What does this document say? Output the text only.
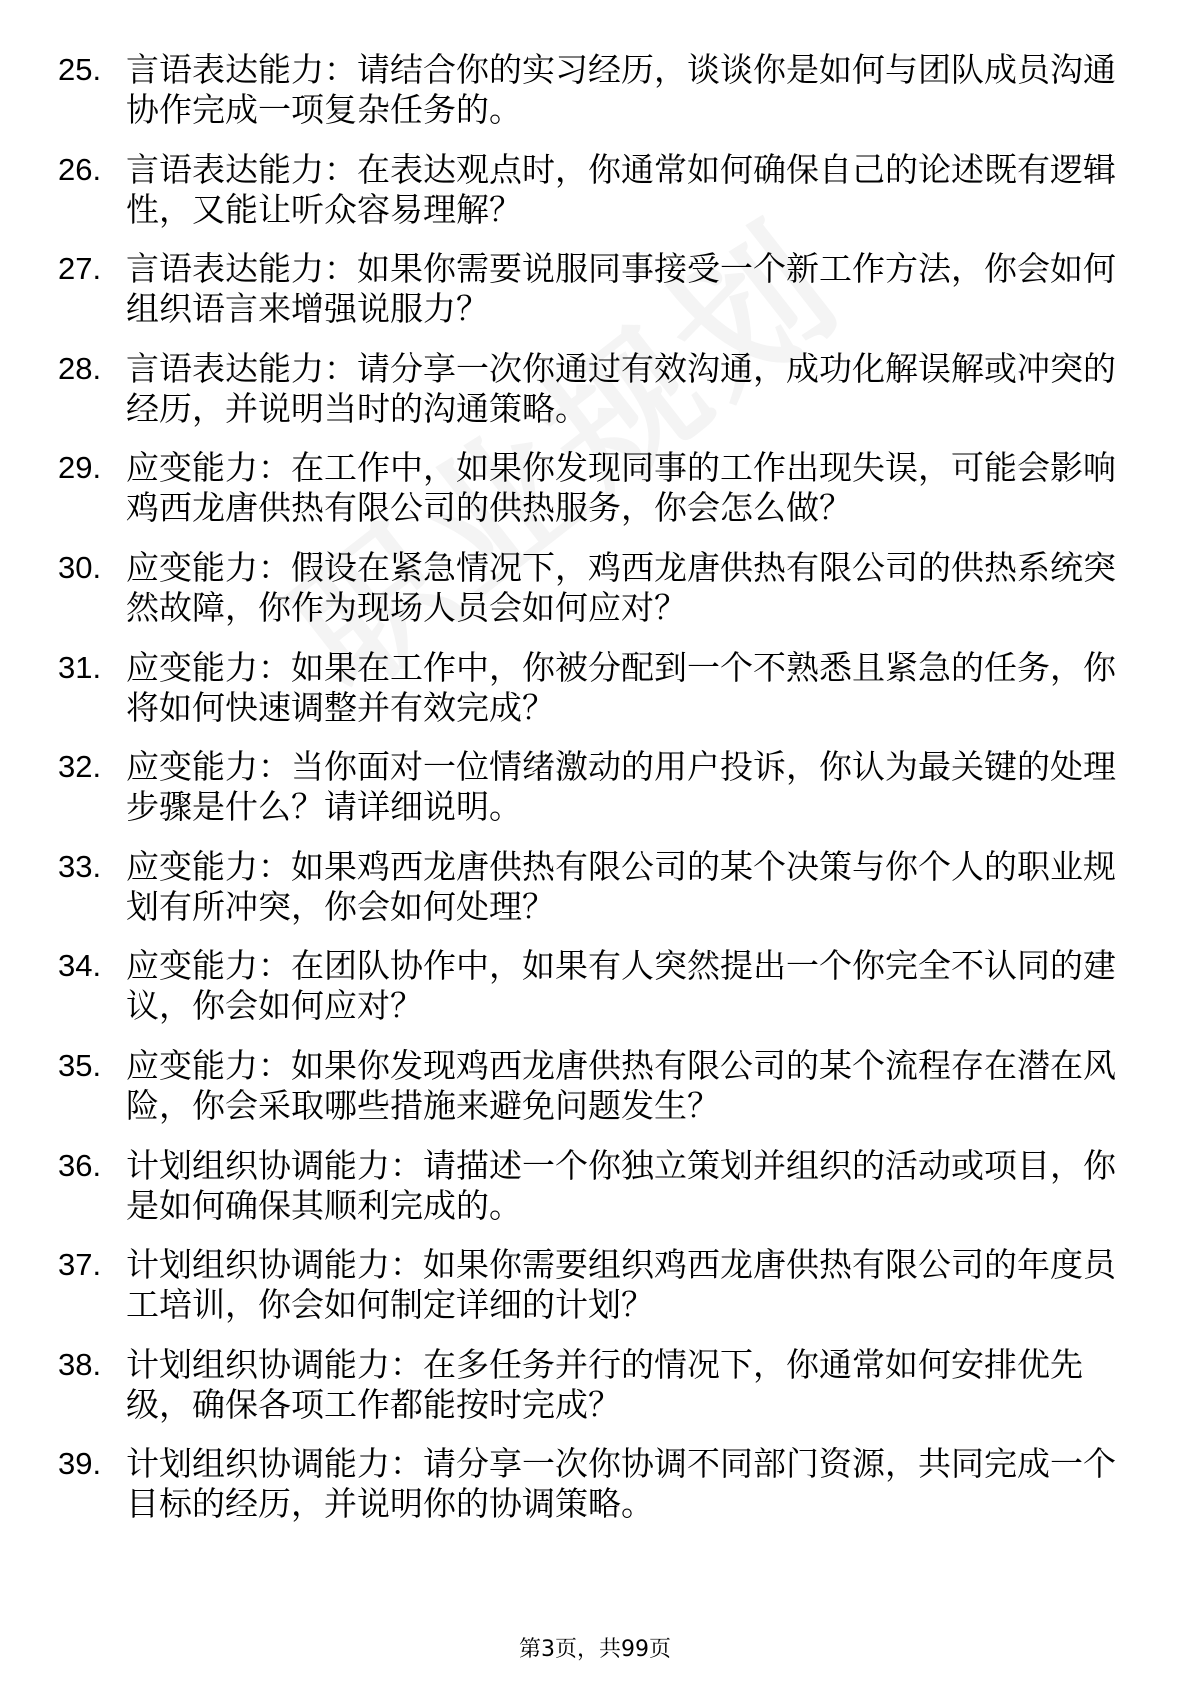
25. 言语表达能力：请结合你的实习经历，谈谈你是如何与团队成员沟通协作完成一项复杂任务的。
26. 言语表达能力：在表达观点时，你通常如何确保自己的论述既有逻辑性，又能让听众容易理解？
27. 言语表达能力：如果你需要说服同事接受一个新工作方法，你会如何组织语言来增强说服力？
28. 言语表达能力：请分享一次你通过有效沟通，成功化解误解或冲突的经历，并说明当时的沟通策略。
29. 应变能力：在工作中，如果你发现同事的工作出现失误，可能会影响鸡西龙唐供热有限公司的供热服务，你会怎么做？
30. 应变能力：假设在紧急情况下，鸡西龙唐供热有限公司的供热系统突然故障，你作为现场人员会如何应对？
31. 应变能力：如果在工作中，你被分配到一个不熟悉且紧急的任务，你将如何快速调整并有效完成？
32. 应变能力：当你面对一位情绪激动的用户投诉，你认为最关键的处理步骤是什么？请详细说明。
33. 应变能力：如果鸡西龙唐供热有限公司的某个决策与你个人的职业规划有所冲突，你会如何处理？
34. 应变能力：在团队协作中，如果有人突然提出一个你完全不认同的建议，你会如何应对？
35. 应变能力：如果你发现鸡西龙唐供热有限公司的某个流程存在潜在风险，你会采取哪些措施来避免问题发生？
36. 计划组织协调能力：请描述一个你独立策划并组织的活动或项目，你是如何确保其顺利完成的。
37. 计划组织协调能力：如果你需要组织鸡西龙唐供热有限公司的年度员工培训，你会如何制定详细的计划？
38. 计划组织协调能力：在多任务并行的情况下，你通常如何安排优先级，确保各项工作都能按时完成？
39. 计划组织协调能力：请分享一次你协调不同部门资源，共同完成一个目标的经历，并说明你的协调策略。
第3页，共99页
